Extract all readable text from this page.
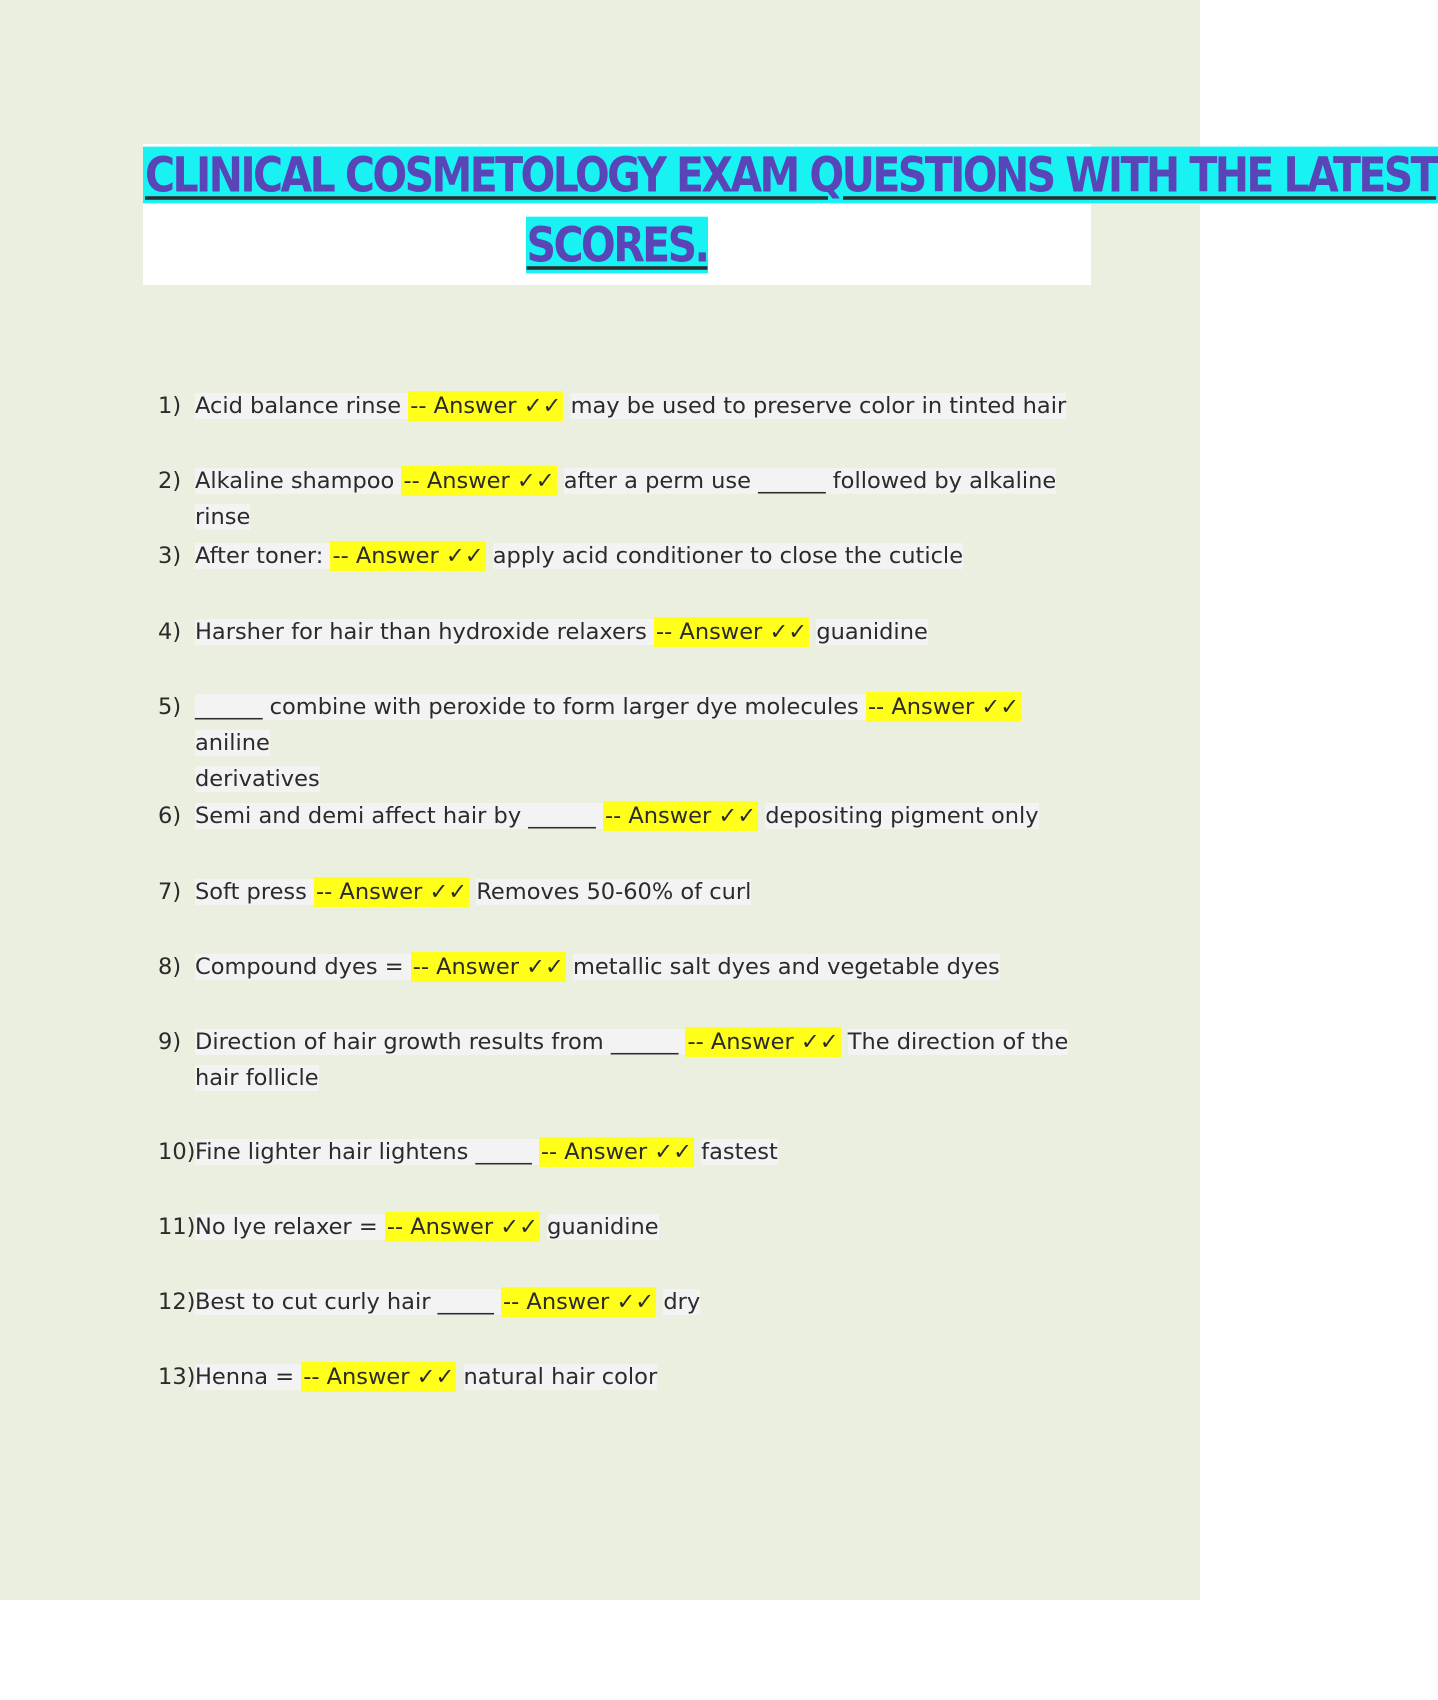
CLINICAL COSMETOLOGY EXAM QUESTIONS WITH THE LATEST
SCORES.
1) Acid balance rinse -- Answer ✓✓ may be used to preserve color in tinted hair
2) Alkaline shampoo -- Answer ✓✓ after a perm use ______ followed by alkaline rinse
3) After toner: -- Answer ✓✓ apply acid conditioner to close the cuticle
4) Harsher for hair than hydroxide relaxers -- Answer ✓✓ guanidine
5) ______ combine with peroxide to form larger dye molecules -- Answer ✓✓ aniline
derivatives
6) Semi and demi affect hair by ______ -- Answer ✓✓ depositing pigment only
7) Soft press -- Answer ✓✓ Removes 50-60% of curl
8) Compound dyes = -- Answer ✓✓ metallic salt dyes and vegetable dyes
9) Direction of hair growth results from ______ -- Answer ✓✓ The direction of the
hair follicle
10) Fine lighter hair lightens _____ -- Answer ✓✓ fastest
11) No lye relaxer = -- Answer ✓✓ guanidine
12) Best to cut curly hair _____ -- Answer ✓✓ dry
13) Henna = -- Answer ✓✓ natural hair color
